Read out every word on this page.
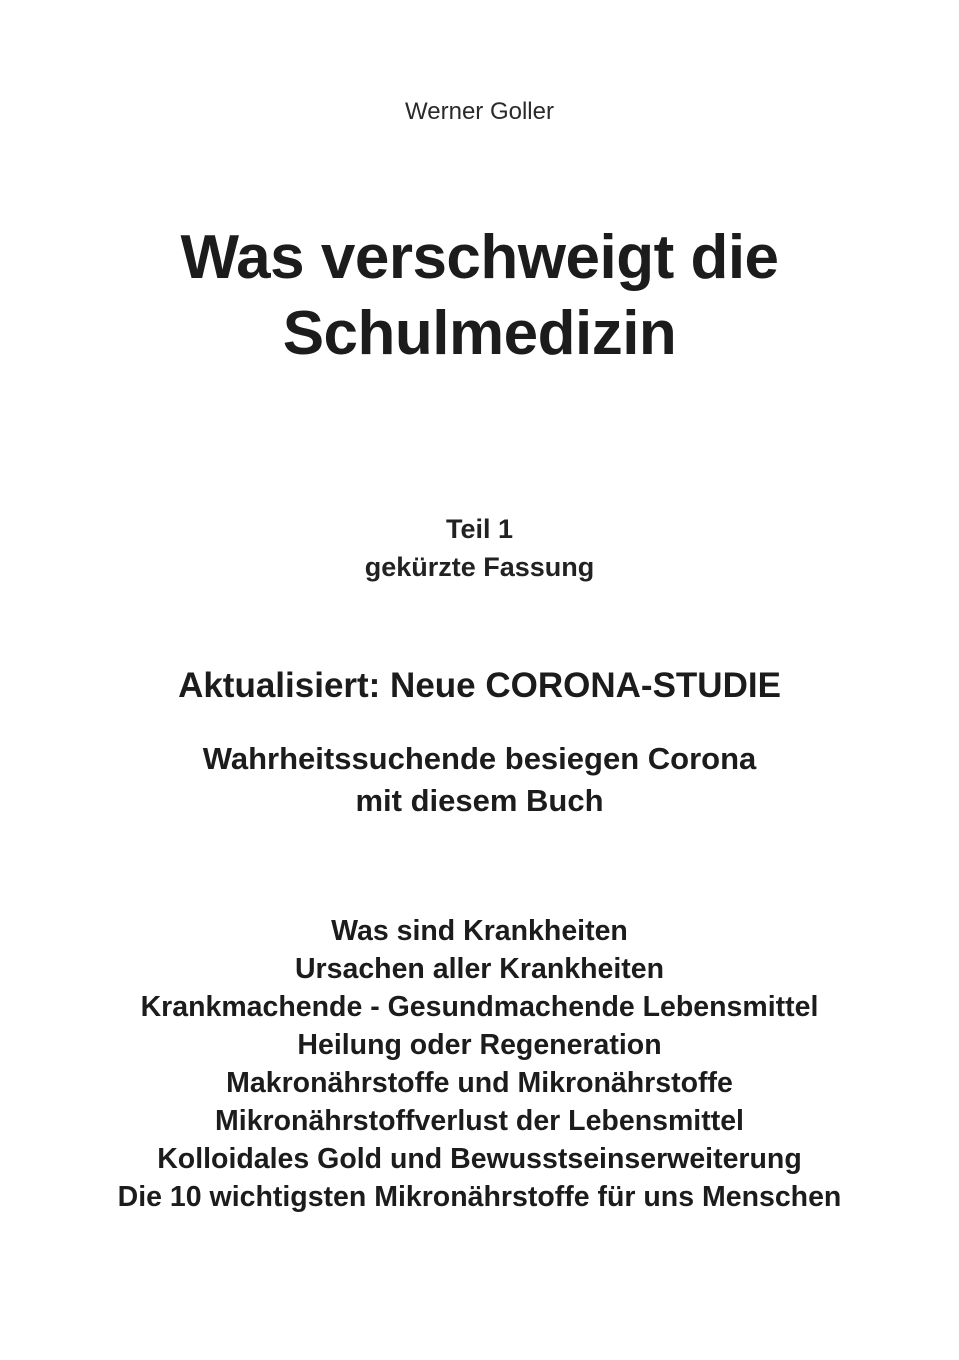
Werner Goller
Was verschweigt die
Schulmedizin
Teil 1
gekürzte Fassung
Aktualisiert: Neue CORONA-STUDIE
Wahrheitssuchende besiegen Corona
mit diesem Buch
Was sind Krankheiten
Ursachen aller Krankheiten
Krankmachende - Gesundmachende Lebensmittel
Heilung oder Regeneration
Makronährstoffe und Mikronährstoffe
Mikronährstoffverlust der Lebensmittel
Kolloidales Gold und Bewusstseinserweiterung
Die 10 wichtigsten Mikronährstoffe für uns Menschen
